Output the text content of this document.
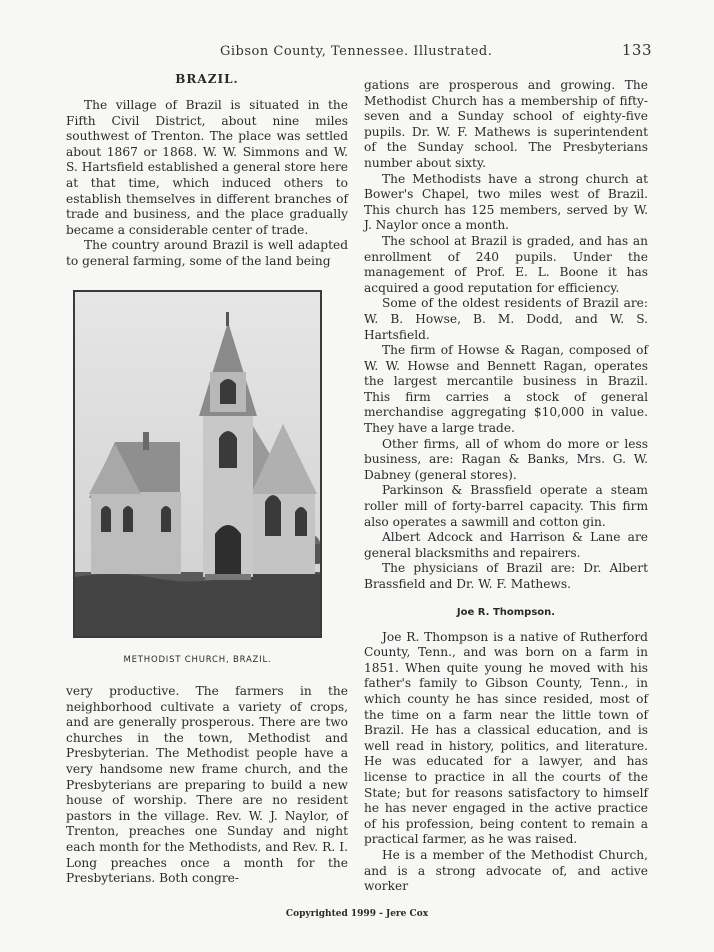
Gibson County, Tennessee. Illustrated.	133
BRAZIL.

The village of Brazil is situated in the Fifth Civil District, about nine miles southwest of Trenton. The place was settled about 1867 or 1868. W. W. Simmons and W. S. Hartsfield established a general store here at that time, which induced others to establish themselves in different branches of trade and business, and the place gradually became a considerable center of trade.

The country around Brazil is well adapted to general farming, some of the land being

METHODIST CHURCH, BRAZIL.

very productive. The farmers in the neighborhood cultivate a variety of crops, and are generally prosperous. There are two churches in the town, Methodist and Presbyterian. The Methodist people have a very handsome new frame church, and the Presbyterians are preparing to build a new house of worship. There are no resident pastors in the village. Rev. W. J. Naylor, of Trenton, preaches one Sunday and night each month for the Methodists, and Rev. R. I. Long preaches once a month for the Presbyterians. Both congre-

gations are prosperous and growing. The Methodist Church has a membership of fifty-seven and a Sunday school of eighty-five pupils. Dr. W. F. Mathews is superintendent of the Sunday school. The Presbyterians number about sixty.

The Methodists have a strong church at Bower's Chapel, two miles west of Brazil. This church has 125 members, served by W. J. Naylor once a month.

The school at Brazil is graded, and has an enrollment of 240 pupils. Under the management of Prof. E. L. Boone it has acquired a good reputation for efficiency.

Some of the oldest residents of Brazil are: W. B. Howse, B. M. Dodd, and W. S. Hartsfield.

The firm of Howse & Ragan, composed of W. W. Howse and Bennett Ragan, operates the largest mercantile business in Brazil. This firm carries a stock of general merchandise aggregating $10,000 in value. They have a large trade.

Other firms, all of whom do more or less business, are: Ragan & Banks, Mrs. G. W. Dabney (general stores).

Parkinson & Brassfield operate a steam roller mill of forty-barrel capacity. This firm also operates a sawmill and cotton gin.

Albert Adcock and Harrison & Lane are general blacksmiths and repairers.

The physicians of Brazil are: Dr. Albert Brassfield and Dr. W. F. Mathews.

Joe R. Thompson.

Joe R. Thompson is a native of Rutherford County, Tenn., and was born on a farm in 1851. When quite young he moved with his father's family to Gibson County, Tenn., in which county he has since resided, most of the time on a farm near the little town of Brazil. He has a classical education, and is well read in history, politics, and literature. He was educated for a lawyer, and has license to practice in all the courts of the State; but for reasons satisfactory to himself he has never engaged in the active practice of his profession, being content to remain a practical farmer, as he was raised.

He is a member of the Methodist Church, and is a strong advocate of, and active worker

Copyrighted 1999 - Jere Cox
